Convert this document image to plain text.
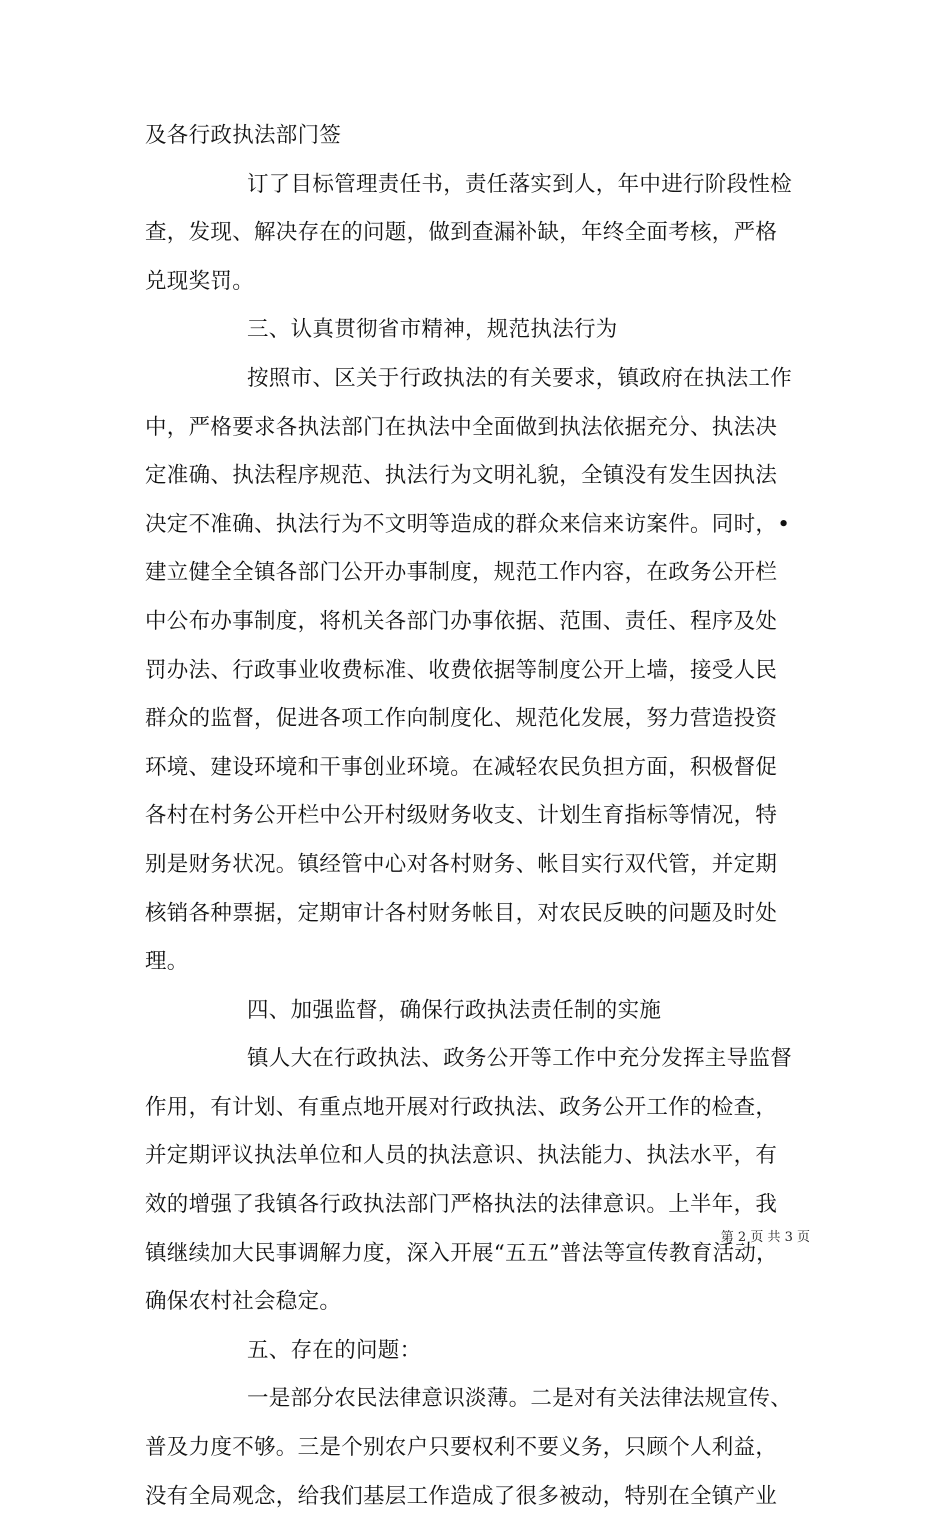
及各行政执法部门签
订了目标管理责任书，责任落实到人，年中进行阶段性检
查，发现、解决存在的问题，做到查漏补缺，年终全面考核，严格
兑现奖罚。
三、认真贯彻省市精神，规范执法行为
按照市、区关于行政执法的有关要求，镇政府在执法工作
中，严格要求各执法部门在执法中全面做到执法依据充分、执法决
定准确、执法程序规范、执法行为文明礼貌，全镇没有发生因执法
决定不准确、执法行为不文明等造成的群众来信来访案件。同时，•
建立健全全镇各部门公开办事制度，规范工作内容，在政务公开栏
中公布办事制度，将机关各部门办事依据、范围、责任、程序及处
罚办法、行政事业收费标准、收费依据等制度公开上墙，接受人民
群众的监督，促进各项工作向制度化、规范化发展，努力营造投资
环境、建设环境和干事创业环境。在减轻农民负担方面，积极督促
各村在村务公开栏中公开村级财务收支、计划生育指标等情况，特
别是财务状况。镇经管中心对各村财务、帐目实行双代管，并定期
核销各种票据，定期审计各村财务帐目，对农民反映的问题及时处
理。
四、加强监督，确保行政执法责任制的实施
镇人大在行政执法、政务公开等工作中充分发挥主导监督
作用，有计划、有重点地开展对行政执法、政务公开工作的检查，
并定期评议执法单位和人员的执法意识、执法能力、执法水平，有
效的增强了我镇各行政执法部门严格执法的法律意识。上半年，我
镇继续加大民事调解力度，深入开展“五五”普法等宣传教育活动，
确保农村社会稳定。
五、存在的问题：
一是部分农民法律意识淡薄。二是对有关法律法规宣传、
普及力度不够。三是个别农户只要权利不要义务，只顾个人利益，
没有全局观念，给我们基层工作造成了很多被动，特别在全镇产业
第 2 页 共 3 页
